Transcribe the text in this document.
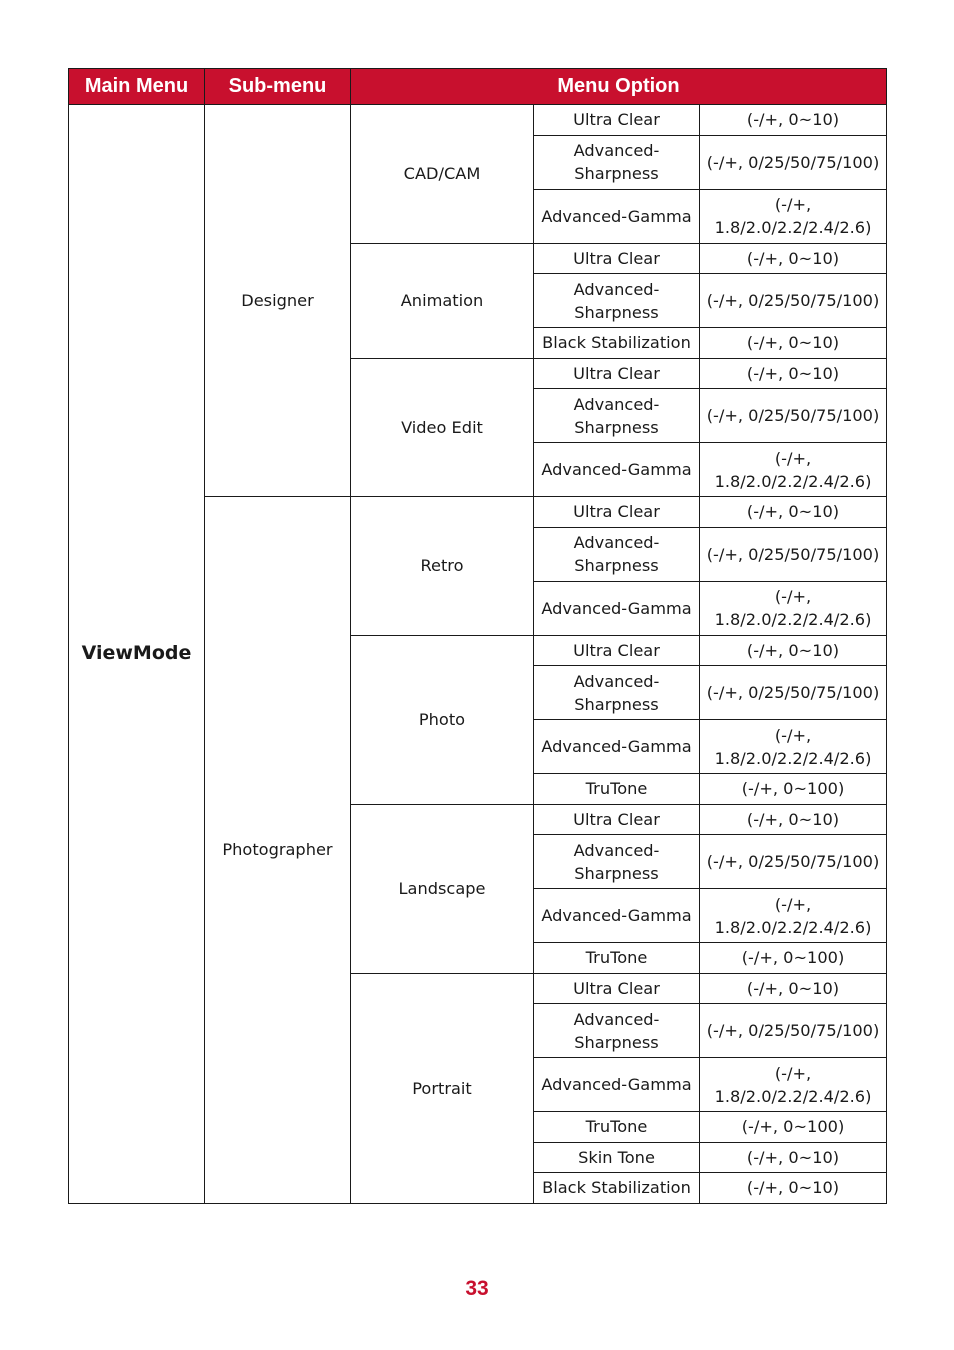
Main Menu	Sub-menu	Menu Option		
ViewMode	Designer	CAD/CAM	Ultra Clear	(-/+, 0~10)
			Advanced-Sharpness	(-/+, 0/25/50/75/100)
			Advanced-Gamma	(-/+, 1.8/2.0/2.2/2.4/2.6)
		Animation	Ultra Clear	(-/+, 0~10)
			Advanced-Sharpness	(-/+, 0/25/50/75/100)
			Black Stabilization	(-/+, 0~10)
		Video Edit	Ultra Clear	(-/+, 0~10)
			Advanced-Sharpness	(-/+, 0/25/50/75/100)
			Advanced-Gamma	(-/+, 1.8/2.0/2.2/2.4/2.6)
	Photographer	Retro	Ultra Clear	(-/+, 0~10)
			Advanced-Sharpness	(-/+, 0/25/50/75/100)
			Advanced-Gamma	(-/+, 1.8/2.0/2.2/2.4/2.6)
		Photo	Ultra Clear	(-/+, 0~10)
			Advanced-Sharpness	(-/+, 0/25/50/75/100)
			Advanced-Gamma	(-/+, 1.8/2.0/2.2/2.4/2.6)
			TruTone	(-/+, 0~100)
		Landscape	Ultra Clear	(-/+, 0~10)
			Advanced-Sharpness	(-/+, 0/25/50/75/100)
			Advanced-Gamma	(-/+, 1.8/2.0/2.2/2.4/2.6)
			TruTone	(-/+, 0~100)
		Portrait	Ultra Clear	(-/+, 0~10)
			Advanced-Sharpness	(-/+, 0/25/50/75/100)
			Advanced-Gamma	(-/+, 1.8/2.0/2.2/2.4/2.6)
			TruTone	(-/+, 0~100)
			Skin Tone	(-/+, 0~10)
			Black Stabilization	(-/+, 0~10)
33
